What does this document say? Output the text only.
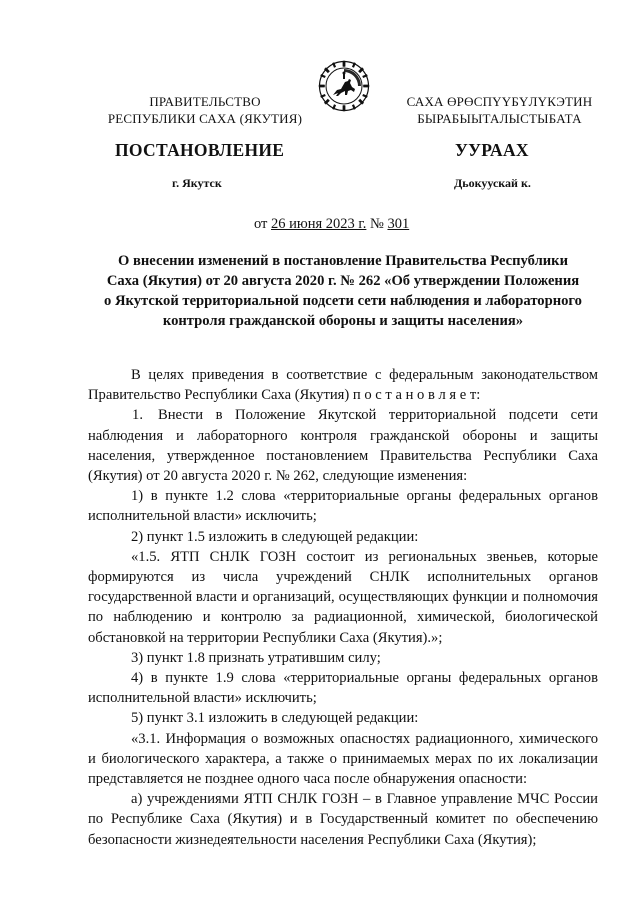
ПРАВИТЕЛЬСТВО
РЕСПУБЛИКИ САХА (ЯКУТИЯ)
САХА ӨРӨСПҮҮБҮЛҮКЭТИН
БЫРАБЫЫТАЛЫСТЫБАТА
ПОСТАНОВЛЕНИЕ	УУРААХ
г. Якутск	Дьокуускай к.
от 26 июня 2023 г. № 301
О внесении изменений в постановление Правительства Республики
Саха (Якутия) от 20 августа 2020 г. № 262 «Об утверждении Положения
о Якутской территориальной подсети сети наблюдения и лабораторного
контроля гражданской обороны и защиты населения»

В целях приведения в соответствие с федеральным законодательством Правительство Республики Саха (Якутия) п о с т а н о в л я е т:

1. Внести в Положение Якутской территориальной подсети сети наблюдения и лабораторного контроля гражданской обороны и защиты населения, утвержденное постановлением Правительства Республики Саха (Якутия) от 20 августа 2020 г. № 262, следующие изменения:

1) в пункте 1.2 слова «территориальные органы федеральных органов исполнительной власти» исключить;

2) пункт 1.5 изложить в следующей редакции:

«1.5. ЯТП СНЛК ГОЗН состоит из региональных звеньев, которые формируются из числа учреждений СНЛК исполнительных органов государственной власти и организаций, осуществляющих функции и полномочия по наблюдению и контролю за радиационной, химической, биологической обстановкой на территории Республики Саха (Якутия).»;

3) пункт 1.8 признать утратившим силу;

4) в пункте 1.9 слова «территориальные органы федеральных органов исполнительной власти» исключить;

5) пункт 3.1 изложить в следующей редакции:

«3.1. Информация о возможных опасностях радиационного, химического и биологического характера, а также о принимаемых мерах по их локализации представляется не позднее одного часа после обнаружения опасности:

а) учреждениями ЯТП СНЛК ГОЗН – в Главное управление МЧС России по Республике Саха (Якутия) и в Государственный комитет по обеспечению безопасности жизнедеятельности населения Республики Саха (Якутия);
